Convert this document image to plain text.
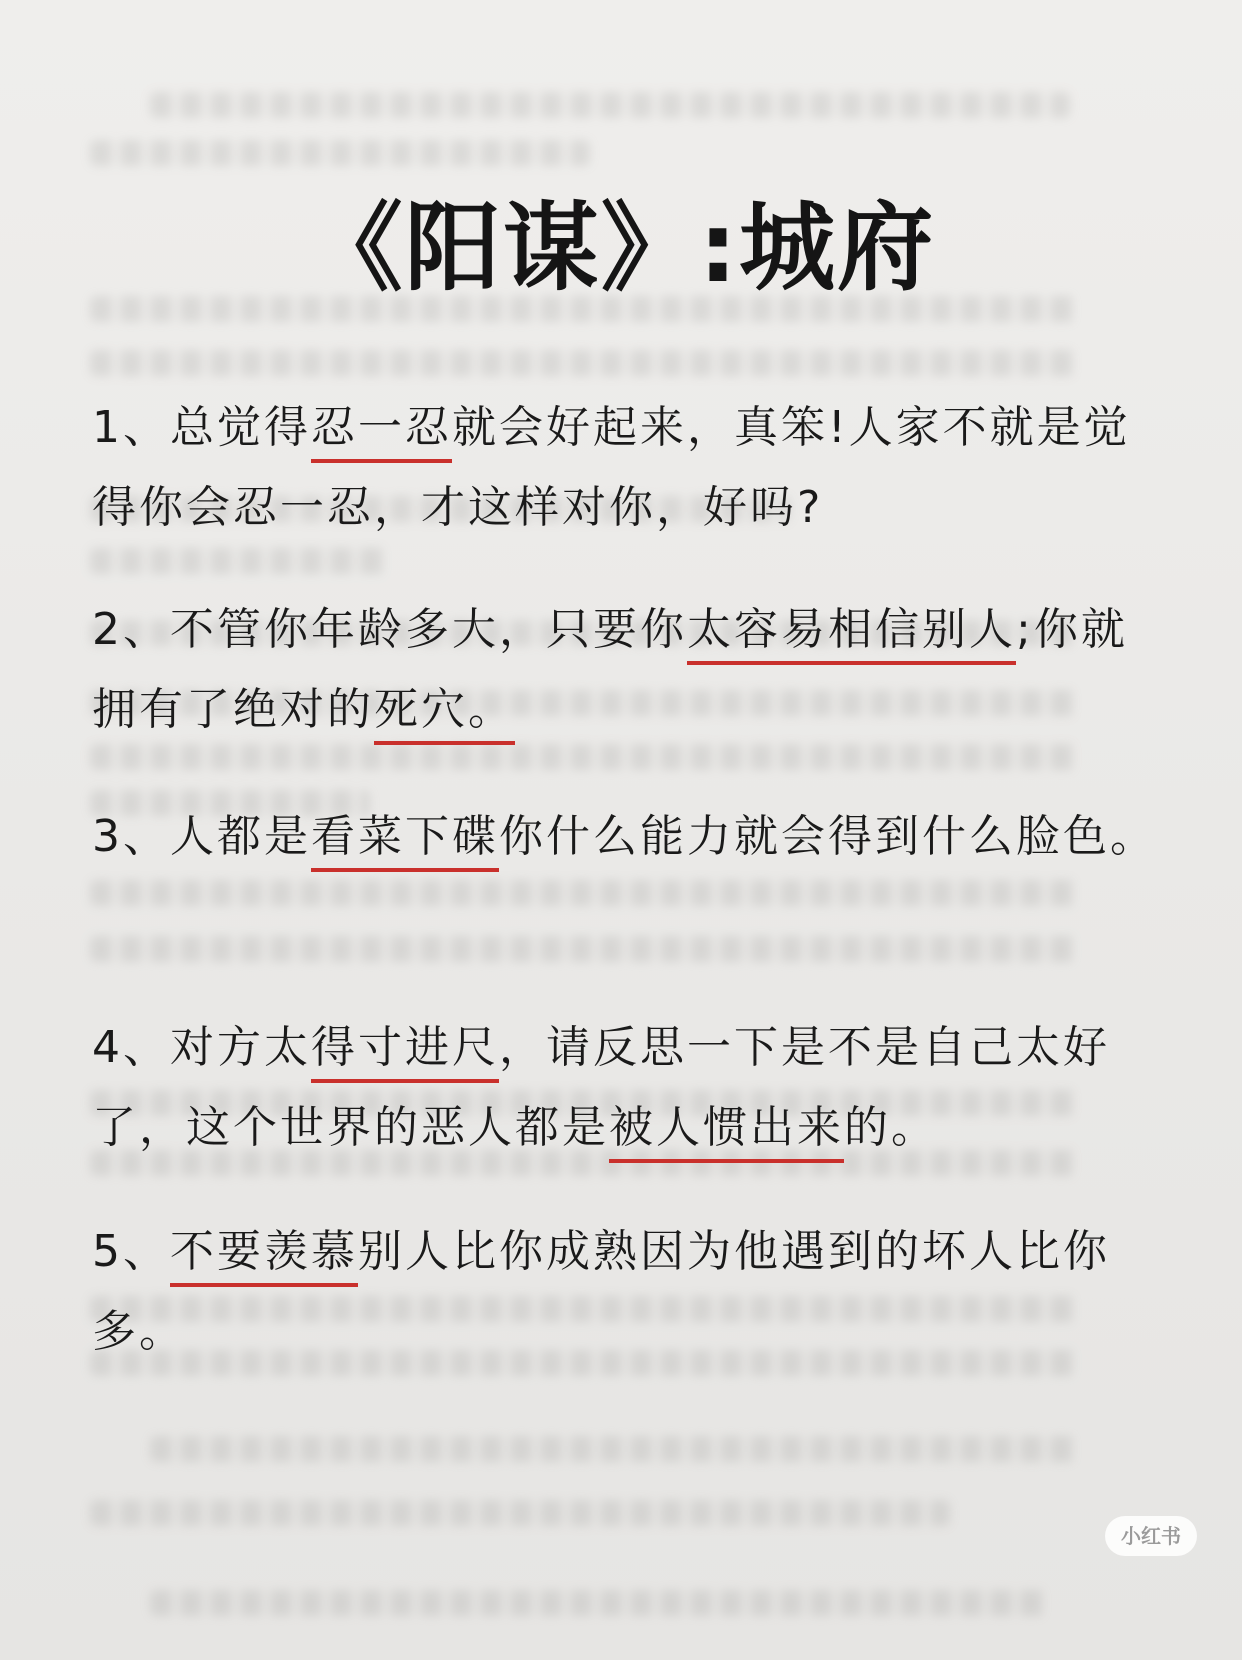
《阳谋》:城府
1、总觉得忍一忍就会好起来，真笨!人家不就是觉得你会忍一忍，才这样对你，好吗?
2、不管你年龄多大，只要你太容易相信别人;你就拥有了绝对的死穴。
3、人都是看菜下碟你什么能力就会得到什么脸色。
4、对方太得寸进尺，请反思一下是不是自己太好了，这个世界的恶人都是被人惯出来的。
5、不要羡慕别人比你成熟因为他遇到的坏人比你多。
小红书
